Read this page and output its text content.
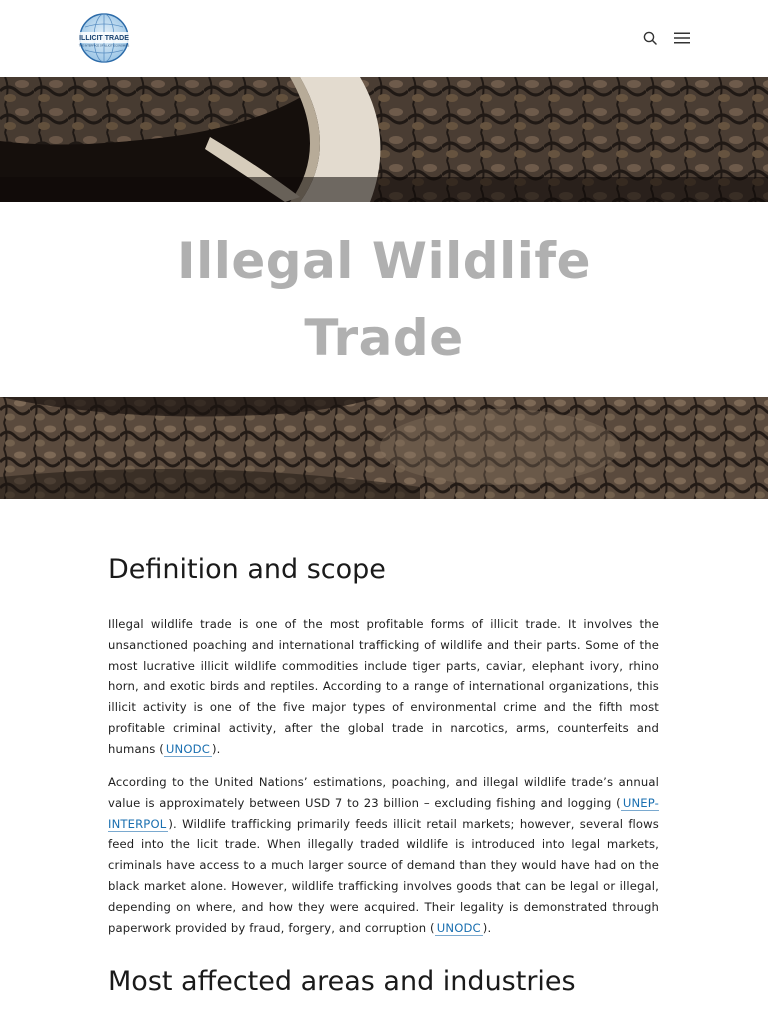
ILLICIT TRADE
THE INTERFACE OF ILLICIT ECONOMIES
Illegal Wildlife Trade
Definition and scope

Illegal wildlife trade is one of the most profitable forms of illicit trade. It involves the unsanctioned poaching and international trafficking of wildlife and their parts. Some of the most lucrative illicit wildlife commodities include tiger parts, caviar, elephant ivory, rhino horn, and exotic birds and reptiles. According to a range of international organizations, this illicit activity is one of the five major types of environmental crime and the fifth most profitable criminal activity, after the global trade in narcotics, arms, counterfeits and humans ( UNODC ).

According to the United Nations’ estimations, poaching, and illegal wildlife trade’s annual value is approximately between USD 7 to 23 billion – excluding fishing and logging ( UNEP-INTERPOL ). Wildlife trafficking primarily feeds illicit retail markets; however, several flows feed into the licit trade. When illegally traded wildlife is introduced into legal markets, criminals have access to a much larger source of demand than they would have had on the black market alone. However, wildlife trafficking involves goods that can be legal or illegal, depending on where, and how they were acquired. Their legality is demonstrated through paperwork provided by fraud, forgery, and corruption ( UNODC ).

Most affected areas and industries
